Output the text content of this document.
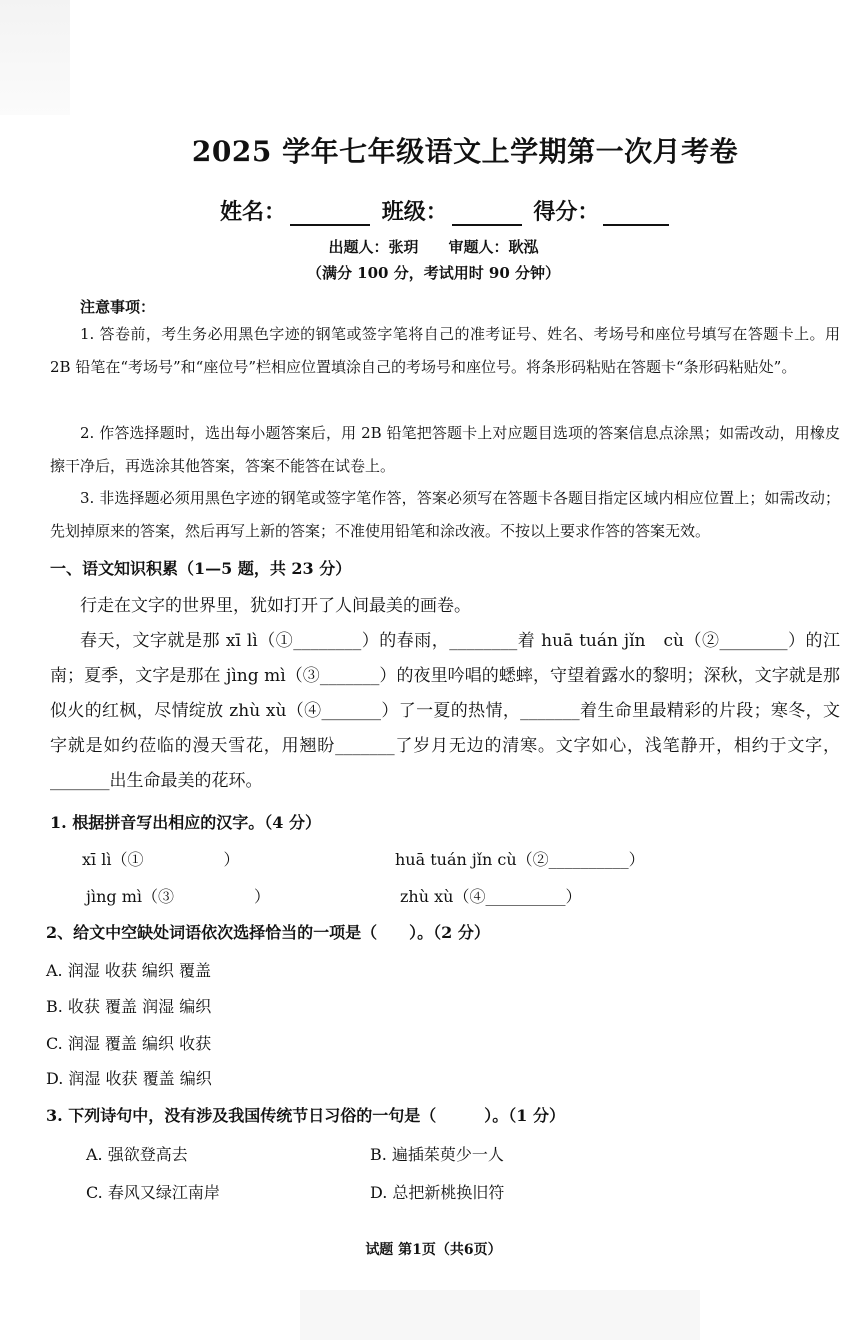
2025 学年七年级语文上学期第一次月考卷
姓名：	班级：	得分：
出题人：张玥　　审题人：耿泓
（满分 100 分，考试用时 90 分钟）
注意事项：
1. 答卷前，考生务必用黑色字迹的钢笔或签字笔将自己的准考证号、姓名、考场号和座位号填写在答题卡上。用 2B 铅笔在“考场号”和“座位号”栏相应位置填涂自己的考场号和座位号。将条形码粘贴在答题卡“条形码粘贴处”。
2. 作答选择题时，选出每小题答案后，用 2B 铅笔把答题卡上对应题目选项的答案信息点涂黑；如需改动，用橡皮擦干净后，再选涂其他答案，答案不能答在试卷上。
3. 非选择题必须用黑色字迹的钢笔或签字笔作答，答案必须写在答题卡各题目指定区域内相应位置上；如需改动；先划掉原来的答案，然后再写上新的答案；不准使用铅笔和涂改液。不按以上要求作答的答案无效。
一、语文知识积累（1—5 题，共 23 分）
行走在文字的世界里，犹如打开了人间最美的画卷。
春天，文字就是那 xī lì（①________）的春雨，________着 huā tuán jǐn　cù（②________）的江南；夏季，文字是那在 jìng mì（③_______）的夜里吟唱的蟋蟀，守望着露水的黎明；深秋，文字就是那似火的红枫，尽情绽放 zhù xù（④_______）了一夏的热情，_______着生命里最精彩的片段；寒冬，文字就是如约莅临的漫天雪花，用翘盼_______了岁月无边的清寒。文字如心，浅笔静开，相约于文字，_______出生命最美的花环。
1. 根据拼音写出相应的汉字。（4 分）
xī lì（①　　　　　）	huā tuán jǐn cù（②__________）
jìng mì（③　　　　　）	zhù xù（④__________）
2、给文中空缺处词语依次选择恰当的一项是（　　）。（2 分）
A. 润湿 收获 编织 覆盖
B. 收获 覆盖 润湿 编织
C. 润湿 覆盖 编织 收获
D. 润湿 收获 覆盖 编织
3. 下列诗句中，没有涉及我国传统节日习俗的一句是（　　　）。（1 分）
A. 强欲登高去	B. 遍插茱萸少一人
C. 春风又绿江南岸	D. 总把新桃换旧符
试题 第1页（共6页）
